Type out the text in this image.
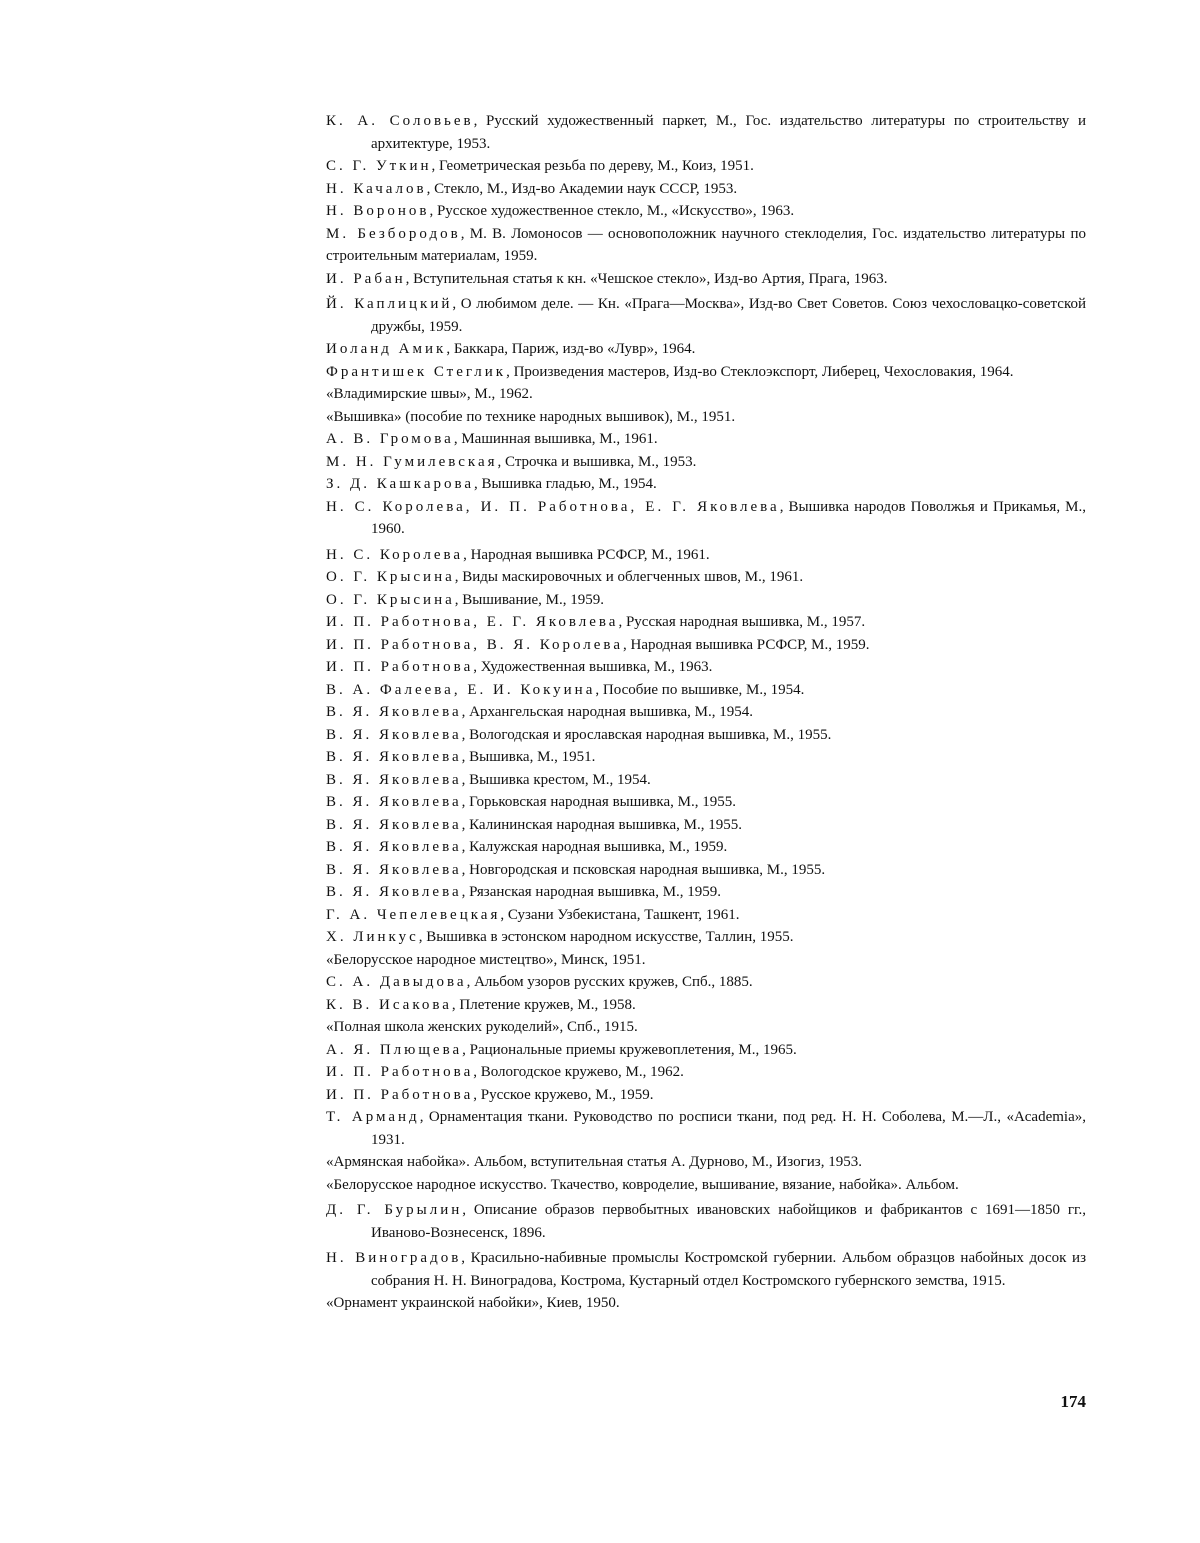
К. А. Соловьев, Русский художественный паркет, М., Гос. издательство литературы по строительству и архитектуре, 1953.

С. Г. Уткин, Геометрическая резьба по дереву, М., Коиз, 1951.

Н. Качалов, Стекло, М., Изд-во Академии наук СССР, 1953.

Н. Воронов, Русское художественное стекло, М., «Искусство», 1963.

М. Безбородов, М. В. Ломоносов — основоположник научного стеклоделия, Гос. издательство литературы по строительным материалам, 1959.

И. Рабан, Вступительная статья к кн. «Чешское стекло», Изд-во Артия, Прага, 1963.

Й. Каплицкий, О любимом деле. — Кн. «Прага—Москва», Изд-во Свет Советов. Союз чехословацко-советской дружбы, 1959.

Иоланд Амик, Баккара, Париж, изд-во «Лувр», 1964.

Франтишек Стеглик, Произведения мастеров, Изд-во Стеклоэкспорт, Либерец, Чехословакия, 1964.

«Владимирские швы», М., 1962.

«Вышивка» (пособие по технике народных вышивок), М., 1951.

А. В. Громова, Машинная вышивка, М., 1961.

М. Н. Гумилевская, Строчка и вышивка, М., 1953.

З. Д. Кашкарова, Вышивка гладью, М., 1954.

Н. С. Королева, И. П. Работнова, Е. Г. Яковлева, Вышивка народов Поволжья и Прикамья, М., 1960.

Н. С. Королева, Народная вышивка РСФСР, М., 1961.

О. Г. Крысина, Виды маскировочных и облегченных швов, М., 1961.

О. Г. Крысина, Вышивание, М., 1959.

И. П. Работнова, Е. Г. Яковлева, Русская народная вышивка, М., 1957.

И. П. Работнова, В. Я. Королева, Народная вышивка РСФСР, М., 1959.

И. П. Работнова, Художественная вышивка, М., 1963.

В. А. Фалеева, Е. И. Кокуина, Пособие по вышивке, М., 1954.

В. Я. Яковлева, Архангельская народная вышивка, М., 1954.

В. Я. Яковлева, Вологодская и ярославская народная вышивка, М., 1955.

В. Я. Яковлева, Вышивка, М., 1951.

В. Я. Яковлева, Вышивка крестом, М., 1954.

В. Я. Яковлева, Горьковская народная вышивка, М., 1955.

В. Я. Яковлева, Калининская народная вышивка, М., 1955.

В. Я. Яковлева, Калужская народная вышивка, М., 1959.

В. Я. Яковлева, Новгородская и псковская народная вышивка, М., 1955.

В. Я. Яковлева, Рязанская народная вышивка, М., 1959.

Г. А. Чепелевецкая, Сузани Узбекистана, Ташкент, 1961.

Х. Линкус, Вышивка в эстонском народном искусстве, Таллин, 1955.

«Белорусское народное мистецтво», Минск, 1951.

С. А. Давыдова, Альбом узоров русских кружев, Спб., 1885.

К. В. Исакова, Плетение кружев, М., 1958.

«Полная школа женских рукоделий», Спб., 1915.

А. Я. Плющева, Рациональные приемы кружевоплетения, М., 1965.

И. П. Работнова, Вологодское кружево, М., 1962.

И. П. Работнова, Русское кружево, М., 1959.

Т. Арманд, Орнаментация ткани. Руководство по росписи ткани, под ред. Н. Н. Соболева, М.—Л., «Academia», 1931.

«Армянская набойка». Альбом, вступительная статья А. Дурново, М., Изогиз, 1953.

«Белорусское народное искусство. Ткачество, ковроделие, вышивание, вязание, набойка». Альбом.

Д. Г. Бурылин, Описание образов первобытных ивановских набойщиков и фабрикантов с 1691—1850 гг., Иваново-Вознесенск, 1896.

Н. Виноградов, Красильно-набивные промыслы Костромской губернии. Альбом образцов набойных досок из собрания Н. Н. Виноградова, Кострома, Кустарный отдел Костромского губернского земства, 1915.

«Орнамент украинской набойки», Киев, 1950.

174
